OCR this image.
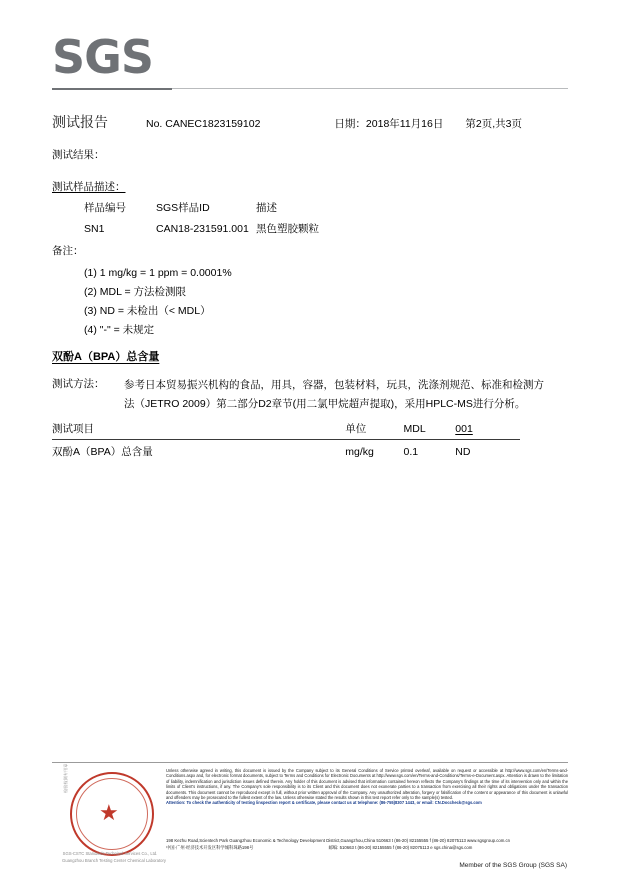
SGS
测试报告	No. CANEC1823159102	日期：2018年11月16日 第2页,共3页
测试结果：
测试样品描述：
样品编号	SGS样品ID	描述
SN1	CAN18-231591.001	黑色塑胶颗粒
备注：
(1) 1 mg/kg = 1 ppm = 0.0001%
(2) MDL = 方法检测限
(3) ND = 未检出（< MDL）
(4) "-" = 未规定
双酚A（BPA）总含量
测试方法： 参考日本贸易振兴机构的食品，用具，容器，包装材料，玩具，洗涤剂规范、标准和检测方法（JETRO 2009）第二部分D2章节(用二氯甲烷超声提取)，采用HPLC-MS进行分析。
测试项目	单位	MDL	001
双酚A（BPA）总含量	mg/kg	0.1	ND
★
检验检测专用章
SGS-CSTC Standards Technical Services Co., Ltd.
Guangzhou Branch Testing Center Chemical Laboratory
Unless otherwise agreed in writing, this document is issued by the Company subject to its General Conditions of Service printed overleaf, available on request or accessible at http://www.sgs.com/en/Terms-and-Conditions.aspx and, for electronic format documents, subject to Terms and Conditions for Electronic Documents at http://www.sgs.com/en/Terms-and-Conditions/Terms-e-Document.aspx. Attention is drawn to the limitation of liability, indemnification and jurisdiction issues defined therein. Any holder of this document is advised that information contained hereon reflects the Company's findings at the time of its intervention only and within the limits of Client's instructions, if any. The Company's sole responsibility is to its Client and this document does not exonerate parties to a transaction from exercising all their rights and obligations under the transaction documents. This document cannot be reproduced except in full, without prior written approval of the Company. Any unauthorized alteration, forgery or falsification of the content or appearance of this document is unlawful and offenders may be prosecuted to the fullest extent of the law. Unless otherwise stated the results shown in this test report refer only to the sample(s) tested.
Attention: To check the authenticity of testing /inspection report & certificate, please contact us at telephone: (86-755)8307 1443, or email: CN.Doccheck@sgs.com
198 Kezhu Road,Scientech Park Guangzhou Economic & Technology Development District,Guangzhou,China 510663 t (86-20) 82155555 f (86-20) 82075113 www.sgsgroup.com.cn
中国·广州·经济技术开发区科学城科珠路198号	邮编: 510663 t (86-20) 82155555 f (86-20) 82075113 e sgs.china@sgs.com
Member of the SGS Group (SGS SA)
